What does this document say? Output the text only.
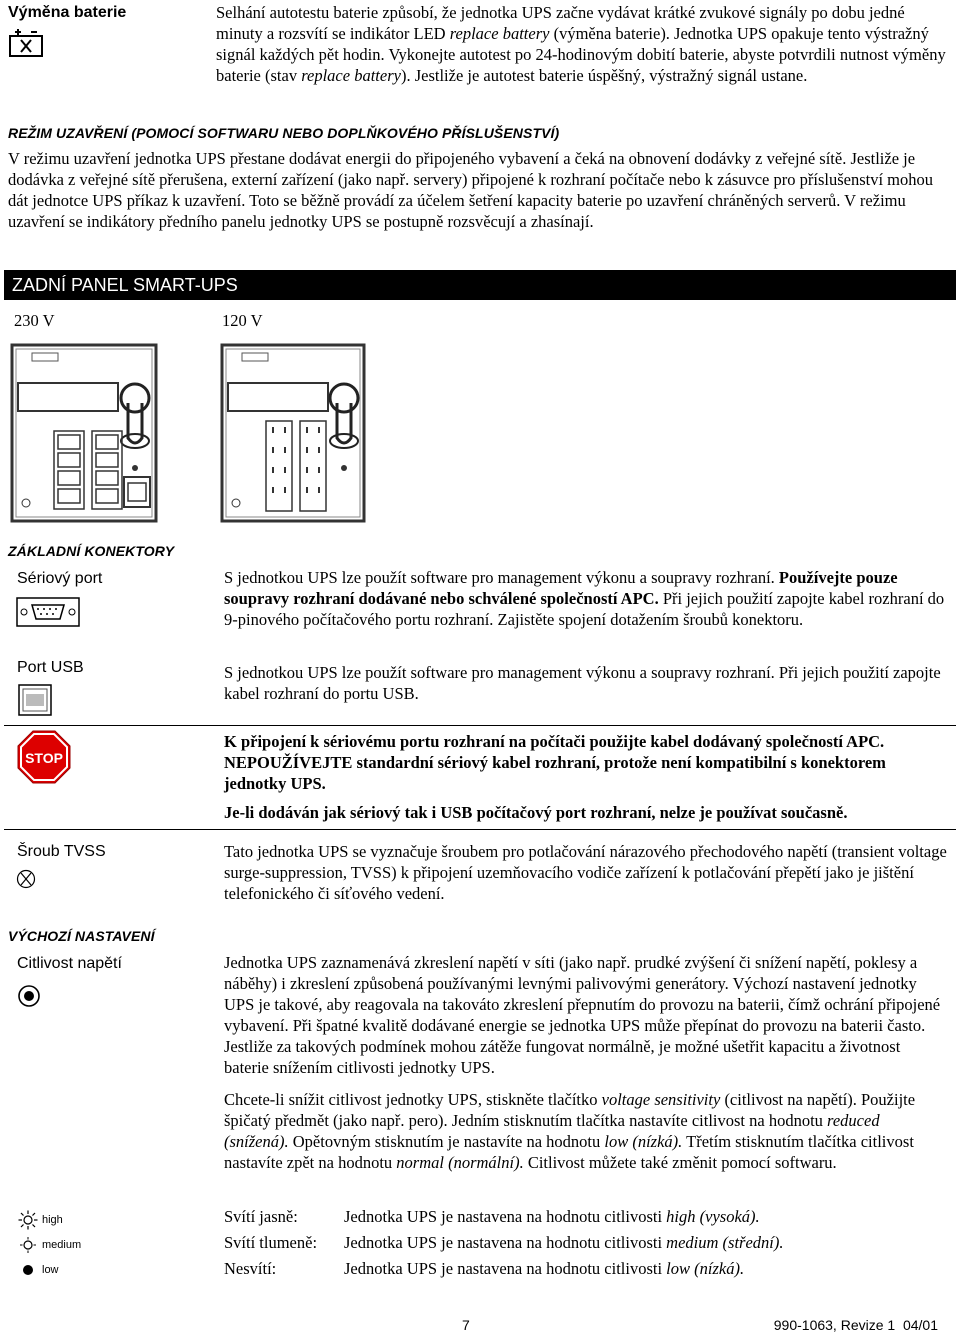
Výměna baterie	Selhání autotestu baterie způsobí, že jednotka UPS začne vydávat krátké zvukové signály po dobu jedné minuty a rozsvítí se indikátor LED replace battery (výměna baterie). Jednotka UPS opakuje tento výstražný signál každých pět hodin. Vykonejte autotest po 24-hodinovým dobití baterie, abyste potvrdili nutnost výměny baterie (stav replace battery). Jestliže je autotest baterie úspěšný, výstražný signál ustane.
REŽIM UZAVŘENÍ (POMOCÍ SOFTWARU NEBO DOPLŇKOVÉHO PŘÍSLUŠENSTVÍ)
V režimu uzavření jednotka UPS přestane dodávat energii do připojeného vybavení a čeká na obnovení dodávky z veřejné sítě. Jestliže je dodávka z veřejné sítě přerušena, externí zařízení (jako např. servery) připojené k rozhraní počítače nebo k zásuvce pro příslušenství mohou dát jednotce UPS příkaz k uzavření. Toto se běžně provádí za účelem šetření kapacity baterie po uzavření chráněných serverů. V režimu uzavření se indikátory předního panelu jednotky UPS se postupně rozsvěcují a zhasínají.
ZADNÍ PANEL SMART-UPS
230 V	120 V
ZÁKLADNÍ KONEKTORY
Sériový port	S jednotkou UPS lze použít software pro management výkonu a soupravy rozhraní. Používejte pouze soupravy rozhraní dodávané nebo schválené společností APC. Při jejich použití zapojte kabel rozhraní do 9-pinového počítačového portu rozhraní. Zajistěte spojení dotažením šroubů konektoru.
Port USB	S jednotkou UPS lze použít software pro management výkonu a soupravy rozhraní. Při jejich použití zapojte kabel rozhraní do portu USB.
STOP
K připojení k sériovému portu rozhraní na počítači použijte kabel dodávaný společností APC. NEPOUŽÍVEJTE standardní sériový kabel rozhraní, protože není kompatibilní s konektorem jednotky UPS.
Je-li dodáván jak sériový tak i USB počítačový port rozhraní, nelze je používat současně.
Šroub TVSS	Tato jednotka UPS se vyznačuje šroubem pro potlačování nárazového přechodového napětí (transient voltage surge-suppression, TVSS) k připojení uzemňovacího vodiče zařízení k potlačování přepětí jako je jištění telefonického či síťového vedení.
VÝCHOZÍ NASTAVENÍ
Citlivost napětí	Jednotka UPS zaznamenává zkreslení napětí v síti (jako např. prudké zvýšení či snížení napětí, poklesy a náběhy) i zkreslení způsobená používanými levnými palivovými generátory. Výchozí nastavení jednotky UPS je takové, aby reagovala na takováto zkreslení přepnutím do provozu na baterii, čímž ochrání připojené vybavení. Při špatné kvalitě dodávané energie se jednotka UPS může přepínat do provozu na baterii často. Jestliže za takových podmínek mohou zátěže fungovat normálně, je možné ušetřit kapacitu a životnost baterie snížením citlivosti jednotky UPS.
Chcete-li snížit citlivost jednotky UPS, stiskněte tlačítko voltage sensitivity (citlivost na napětí). Použijte špičatý předmět (jako např. pero). Jedním stisknutím tlačítka nastavíte citlivost na hodnotu reduced (snížená). Opětovným stisknutím je nastavíte na hodnotu low (nízká). Třetím stisknutím tlačítka citlivost nastavíte zpět na hodnotu normal (normální). Citlivost můžete také změnit pomocí softwaru.
high
medium
low
Svítí jasně:	Jednotka UPS je nastavena na hodnotu citlivosti high (vysoká).
Svítí tlumeně:	Jednotka UPS je nastavena na hodnotu citlivosti medium (střední).
Nesvítí:	Jednotka UPS je nastavena na hodnotu citlivosti low (nízká).
7	990-1063, Revize 1  04/01
